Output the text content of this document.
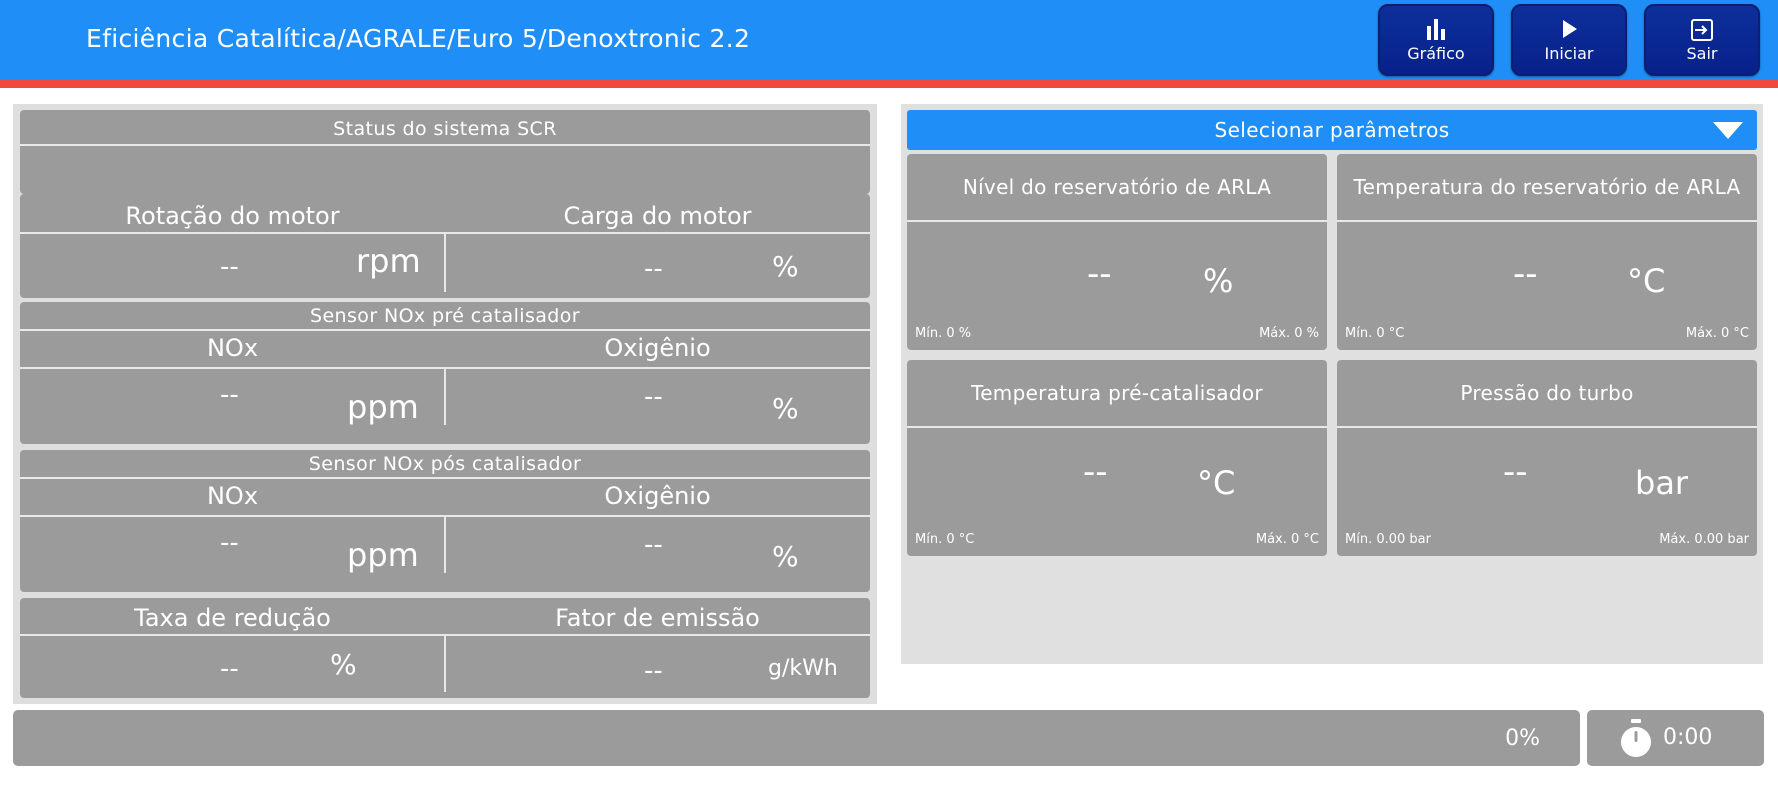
Eficiência Catalítica/AGRALE/Euro 5/Denoxtronic 2.2
Gráfico	Iniciar	Sair
Status do sistema SCR
Rotação do motor	Carga do motor
--	rpm	--	%
Sensor NOx pré catalisador
NOx	Oxigênio
--	ppm	--	%
Sensor NOx pós catalisador
NOx	Oxigênio
--	ppm	--	%
Taxa de redução	Fator de emissão
--	%	--	g/kWh
Selecionar parâmetros
Nível do reservatório de ARLA
--	%
Mín. 0 %	Máx. 0 %
Temperatura do reservatório de ARLA
--	°C
Mín. 0 °C	Máx. 0 °C
Temperatura pré-catalisador
--	°C
Mín. 0 °C	Máx. 0 °C
Pressão do turbo
--	bar
Mín. 0.00 bar	Máx. 0.00 bar
0%	0:00
